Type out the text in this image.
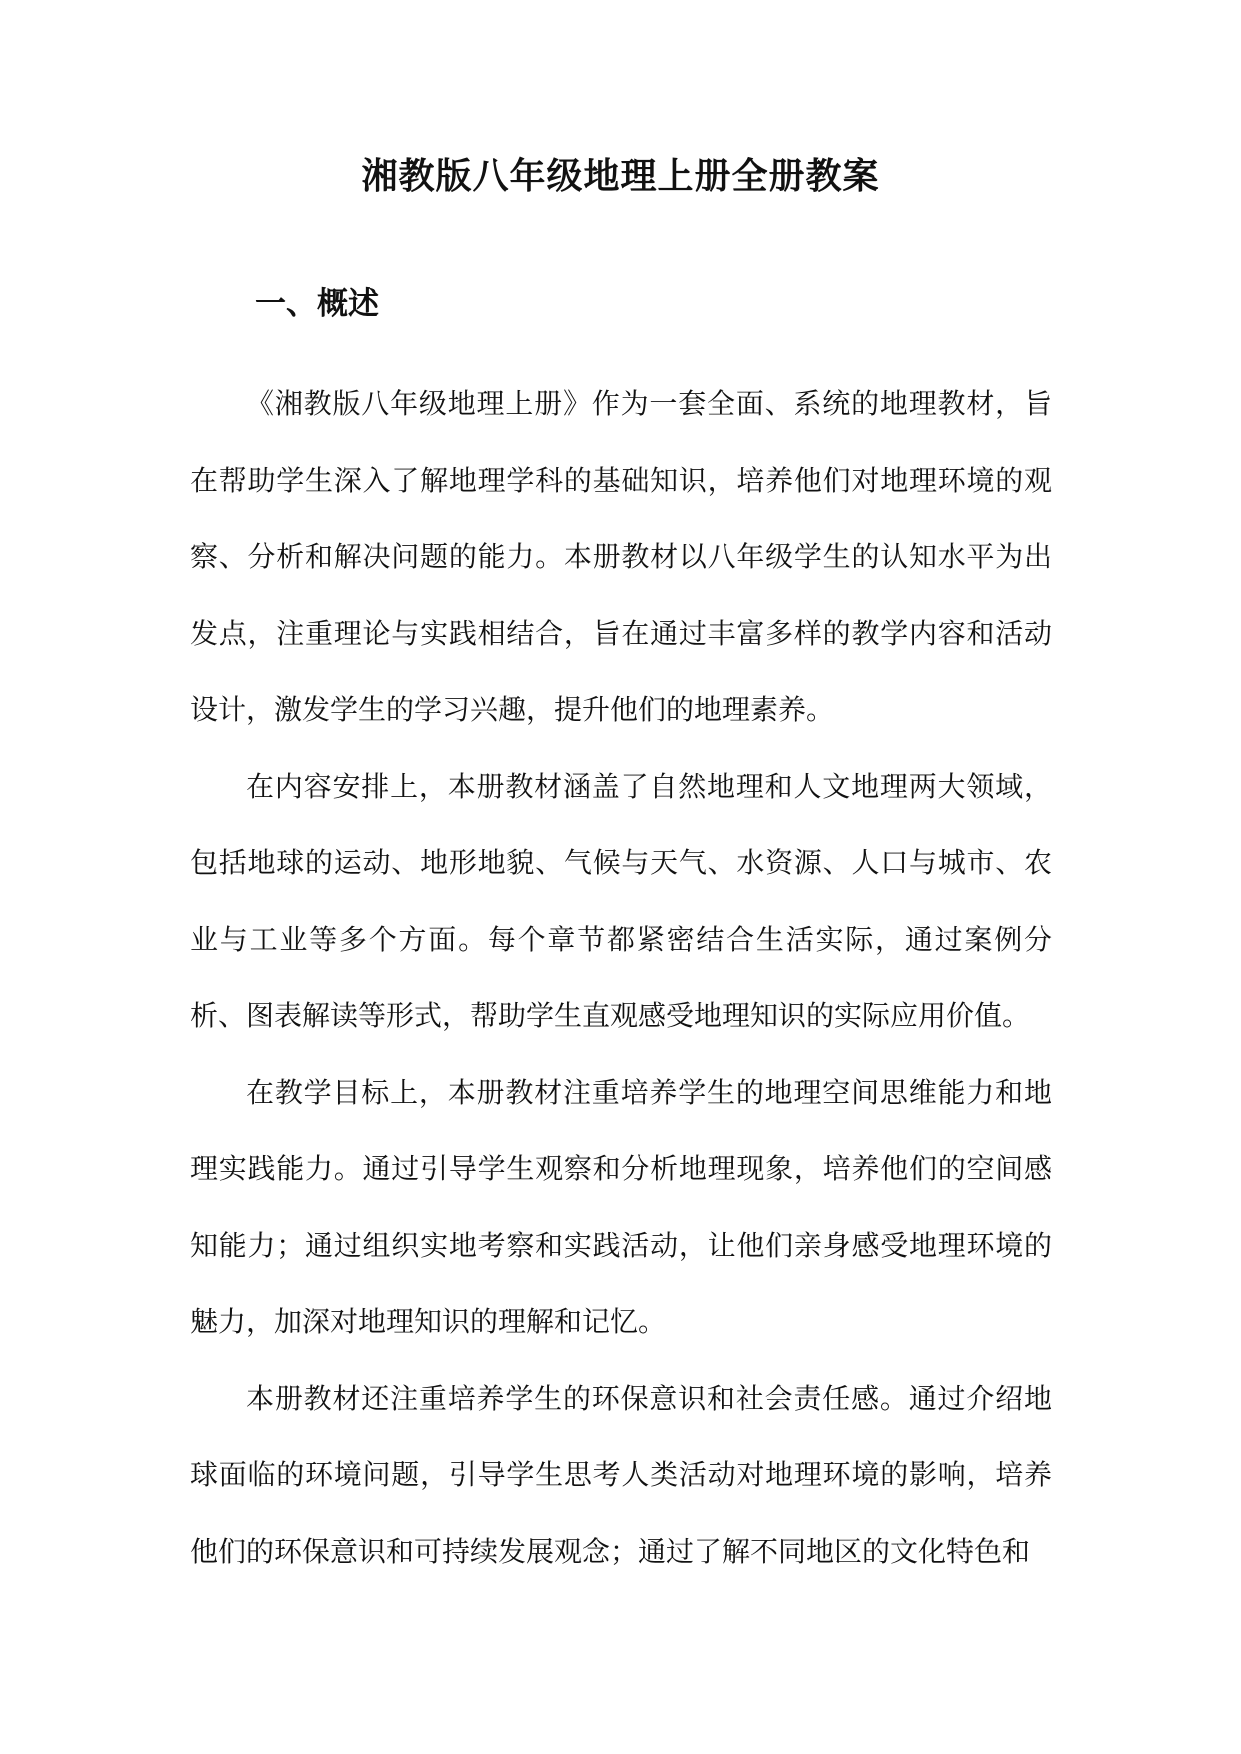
湘教版八年级地理上册全册教案
一、概述

《湘教版八年级地理上册》作为一套全面、系统的地理教材，旨在帮助学生深入了解地理学科的基础知识，培养他们对地理环境的观察、分析和解决问题的能力。本册教材以八年级学生的认知水平为出发点，注重理论与实践相结合，旨在通过丰富多样的教学内容和活动设计，激发学生的学习兴趣，提升他们的地理素养。

在内容安排上，本册教材涵盖了自然地理和人文地理两大领域，包括地球的运动、地形地貌、气候与天气、水资源、人口与城市、农业与工业等多个方面。每个章节都紧密结合生活实际，通过案例分析、图表解读等形式，帮助学生直观感受地理知识的实际应用价值。

在教学目标上，本册教材注重培养学生的地理空间思维能力和地理实践能力。通过引导学生观察和分析地理现象，培养他们的空间感知能力；通过组织实地考察和实践活动，让他们亲身感受地理环境的魅力，加深对地理知识的理解和记忆。

本册教材还注重培养学生的环保意识和社会责任感。通过介绍地球面临的环境问题，引导学生思考人类活动对地理环境的影响，培养他们的环保意识和可持续发展观念；通过了解不同地区的文化特色和
